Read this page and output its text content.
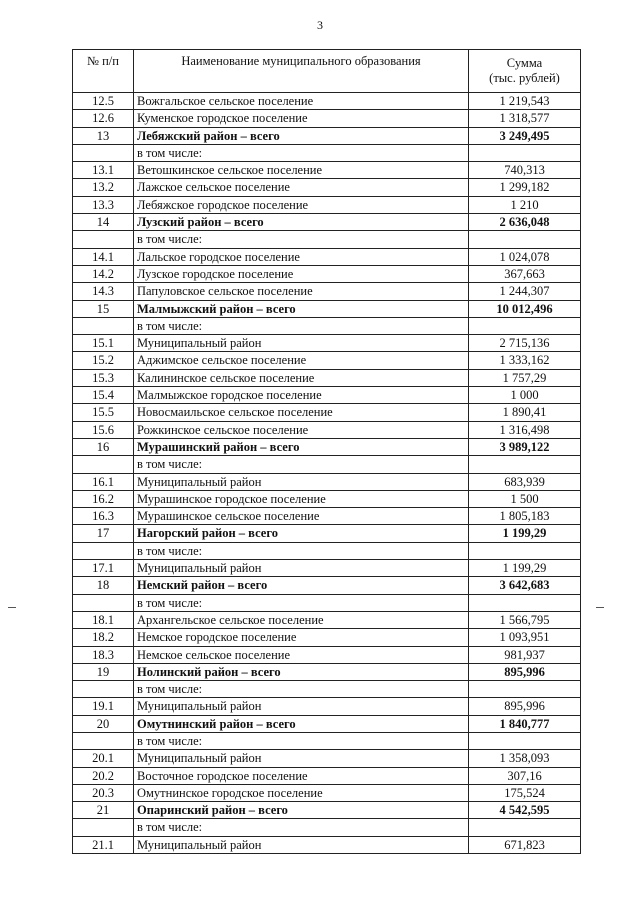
3
№ п/п	Наименование муниципального образования	Сумма
(тыс. рублей)

12.5	Вожгальское сельское поселение	1 219,543
12.6	Куменское городское поселение	1 318,577
13	Лебяжский район – всего	3 249,495
	в том числе:	
13.1	Ветошкинское сельское поселение	740,313
13.2	Лажское сельское поселение	1 299,182
13.3	Лебяжское городское поселение	1 210
14	Лузский район – всего	2 636,048
	в том числе:	
14.1	Лальское городское поселение	1 024,078
14.2	Лузское городское поселение	367,663
14.3	Папуловское сельское поселение	1 244,307
15	Малмыжский район – всего	10 012,496
	в том числе:	
15.1	Муниципальный район	2 715,136
15.2	Аджимское сельское поселение	1 333,162
15.3	Калининское сельское поселение	1 757,29
15.4	Малмыжское городское поселение	1 000
15.5	Новосмаильское сельское поселение	1 890,41
15.6	Рожкинское сельское поселение	1 316,498
16	Мурашинский район – всего	3 989,122
	в том числе:	
16.1	Муниципальный район	683,939
16.2	Мурашинское городское поселение	1 500
16.3	Мурашинское сельское поселение	1 805,183
17	Нагорский район – всего	1 199,29
	в том числе:	
17.1	Муниципальный район	1 199,29
18	Немский район – всего	3 642,683
	в том числе:	
18.1	Архангельское сельское поселение	1 566,795
18.2	Немское городское поселение	1 093,951
18.3	Немское сельское поселение	981,937
19	Нолинский район – всего	895,996
	в том числе:	
19.1	Муниципальный район	895,996
20	Омутнинский район – всего	1 840,777
	в том числе:	
20.1	Муниципальный район	1 358,093
20.2	Восточное городское поселение	307,16
20.3	Омутнинское городское поселение	175,524
21	Опаринский район – всего	4 542,595
	в том числе:	
21.1	Муниципальный район	671,823
